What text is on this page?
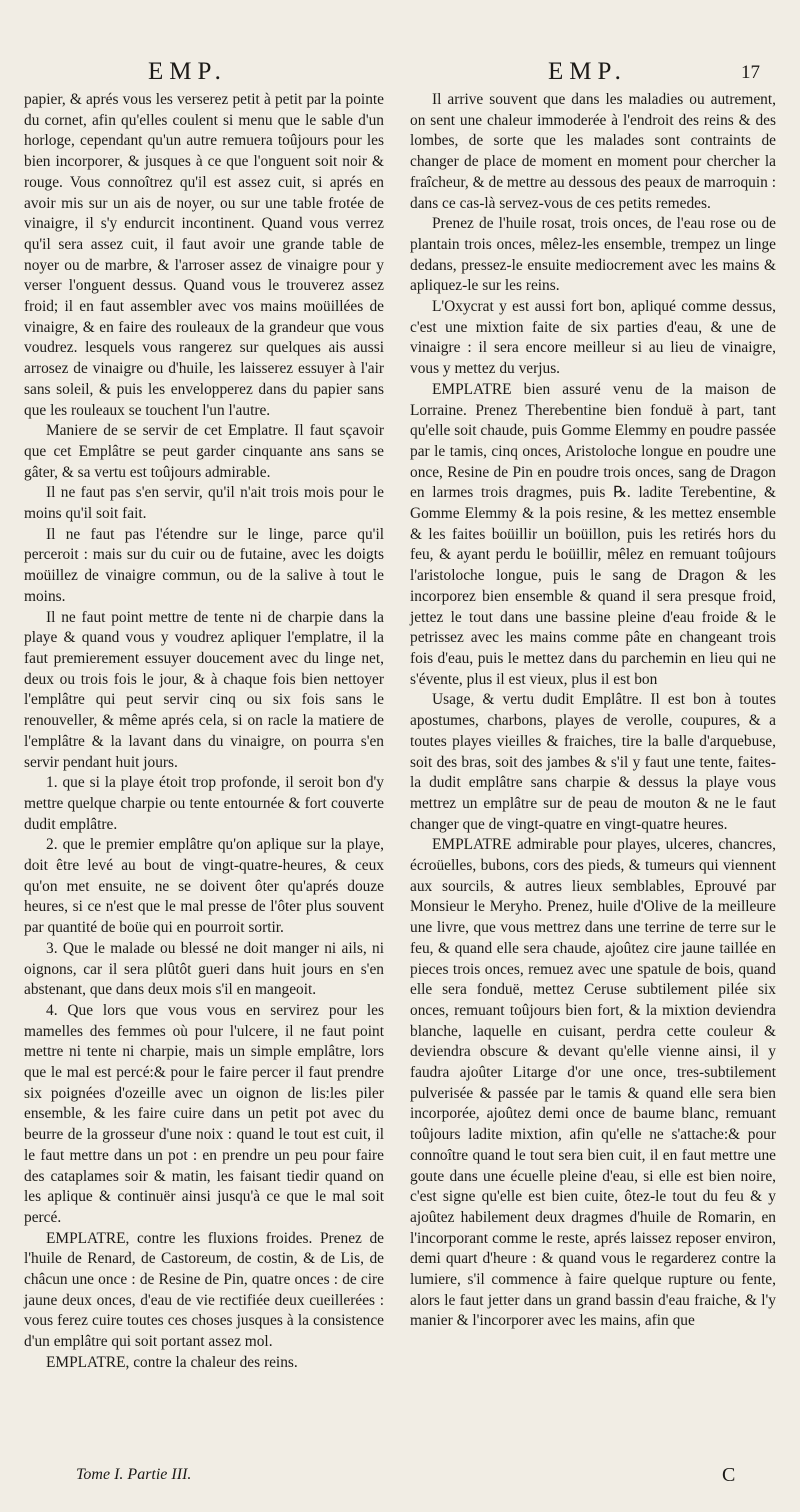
EMP.	EMP.	17

papier, & aprés vous les verserez petit à petit par la pointe du cornet, afin qu'elles coulent si menu que le sable d'un horloge, cependant qu'un autre remuera toûjours pour les bien incorporer, & jusques à ce que l'onguent soit noir & rouge. Vous connoîtrez qu'il est assez cuit, si aprés en avoir mis sur un ais de noyer, ou sur une table frotée de vinaigre, il s'y endurcit incontinent. Quand vous verrez qu'il sera assez cuit, il faut avoir une grande table de noyer ou de marbre, & l'arroser assez de vinaigre pour y verser l'onguent dessus. Quand vous le trouverez assez froid; il en faut assembler avec vos mains moüillées de vinaigre, & en faire des rouleaux de la grandeur que vous voudrez. lesquels vous rangerez sur quelques ais aussi arrosez de vinaigre ou d'huile, les laisserez essuyer à l'air sans soleil, & puis les envelopperez dans du papier sans que les rouleaux se touchent l'un l'autre.

Maniere de se servir de cet Emplatre. Il faut sçavoir que cet Emplâtre se peut garder cinquante ans sans se gâter, & sa vertu est toûjours admirable.

Il ne faut pas s'en servir, qu'il n'ait trois mois pour le moins qu'il soit fait.

Il ne faut pas l'étendre sur le linge, parce qu'il perceroit : mais sur du cuir ou de futaine, avec les doigts moüillez de vinaigre commun, ou de la salive à tout le moins.

Il ne faut point mettre de tente ni de charpie dans la playe & quand vous y voudrez apliquer l'emplatre, il la faut premierement essuyer doucement avec du linge net, deux ou trois fois le jour, & à chaque fois bien nettoyer l'emplâtre qui peut servir cinq ou six fois sans le renouveller, & même aprés cela, si on racle la matiere de l'emplâtre & la lavant dans du vinaigre, on pourra s'en servir pendant huit jours.

1. que si la playe étoit trop profonde, il seroit bon d'y mettre quelque charpie ou tente entournée & fort couverte dudit emplâtre.

2. que le premier emplâtre qu'on aplique sur la playe, doit être levé au bout de vingt-quatre-heures, & ceux qu'on met ensuite, ne se doivent ôter qu'aprés douze heures, si ce n'est que le mal presse de l'ôter plus souvent par quantité de boüe qui en pourroit sortir.

3. Que le malade ou blessé ne doit manger ni ails, ni oignons, car il sera plûtôt gueri dans huit jours en s'en abstenant, que dans deux mois s'il en mangeoit.

4. Que lors que vous vous en servirez pour les mamelles des femmes où pour l'ulcere, il ne faut point mettre ni tente ni charpie, mais un simple emplâtre, lors que le mal est percé:& pour le faire percer il faut prendre six poignées d'ozeille avec un oignon de lis:les piler ensemble, & les faire cuire dans un petit pot avec du beurre de la grosseur d'une noix : quand le tout est cuit, il le faut mettre dans un pot : en prendre un peu pour faire des cataplames soir & matin, les faisant tiedir quand on les aplique & continuër ainsi jusqu'à ce que le mal soit percé.

EMPLATRE, contre les fluxions froides. Prenez de l'huile de Renard, de Castoreum, de costin, & de Lis, de châcun une once : de Resine de Pin, quatre onces : de cire jaune deux onces, d'eau de vie rectifiée deux cueillerées : vous ferez cuire toutes ces choses jusques à la consistence d'un emplâtre qui soit portant assez mol.

EMPLATRE, contre la chaleur des reins.

Il arrive souvent que dans les maladies ou autrement, on sent une chaleur immoderée à l'endroit des reins & des lombes, de sorte que les malades sont contraints de changer de place de moment en moment pour chercher la fraîcheur, & de mettre au dessous des peaux de marroquin : dans ce cas-là servez-vous de ces petits remedes.

Prenez de l'huile rosat, trois onces, de l'eau rose ou de plantain trois onces, mêlez-les ensemble, trempez un linge dedans, pressez-le ensuite mediocrement avec les mains & apliquez-le sur les reins.

L'Oxycrat y est aussi fort bon, apliqué comme dessus, c'est une mixtion faite de six parties d'eau, & une de vinaigre : il sera encore meilleur si au lieu de vinaigre, vous y mettez du verjus.

EMPLATRE bien assuré venu de la maison de Lorraine. Prenez Therebentine bien fonduë à part, tant qu'elle soit chaude, puis Gomme Elemmy en poudre passée par le tamis, cinq onces, Aristoloche longue en poudre une once, Resine de Pin en poudre trois onces, sang de Dragon en larmes trois dragmes, puis ℞. ladite Terebentine, & Gomme Elemmy & la pois resine, & les mettez ensemble & les faites boüillir un boüillon, puis les retirés hors du feu, & ayant perdu le boüillir, mêlez en remuant toûjours l'aristoloche longue, puis le sang de Dragon & les incorporez bien ensemble & quand il sera presque froid, jettez le tout dans une bassine pleine d'eau froide & le petrissez avec les mains comme pâte en changeant trois fois d'eau, puis le mettez dans du parchemin en lieu qui ne s'évente, plus il est vieux, plus il est bon

Usage, & vertu dudit Emplâtre. Il est bon à toutes apostumes, charbons, playes de verolle, coupures, & a toutes playes vieilles & fraiches, tire la balle d'arquebuse, soit des bras, soit des jambes & s'il y faut une tente, faites-la dudit emplâtre sans charpie & dessus la playe vous mettrez un emplâtre sur de peau de mouton & ne le faut changer que de vingt-quatre en vingt-quatre heures.

EMPLATRE admirable pour playes, ulceres, chancres, écroüelles, bubons, cors des pieds, & tumeurs qui viennent aux sourcils, & autres lieux semblables, Eprouvé par Monsieur le Meryho. Prenez, huile d'Olive de la meilleure une livre, que vous mettrez dans une terrine de terre sur le feu, & quand elle sera chaude, ajoûtez cire jaune taillée en pieces trois onces, remuez avec une spatule de bois, quand elle sera fonduë, mettez Ceruse subtilement pilée six onces, remuant toûjours bien fort, & la mixtion deviendra blanche, laquelle en cuisant, perdra cette couleur & deviendra obscure & devant qu'elle vienne ainsi, il y faudra ajoûter Litarge d'or une once, tres-subtilement pulverisée & passée par le tamis & quand elle sera bien incorporée, ajoûtez demi once de baume blanc, remuant toûjours ladite mixtion, afin qu'elle ne s'attache:& pour connoître quand le tout sera bien cuit, il en faut mettre une goute dans une écuelle pleine d'eau, si elle est bien noire, c'est signe qu'elle est bien cuite, ôtez-le tout du feu & y ajoûtez habilement deux dragmes d'huile de Romarin, en l'incorporant comme le reste, aprés laissez reposer environ, demi quart d'heure : & quand vous le regarderez contre la lumiere, s'il commence à faire quelque rupture ou fente, alors le faut jetter dans un grand bassin d'eau fraiche, & l'y manier & l'incorporer avec les mains, afin que

Tome I. Partie III.	C
